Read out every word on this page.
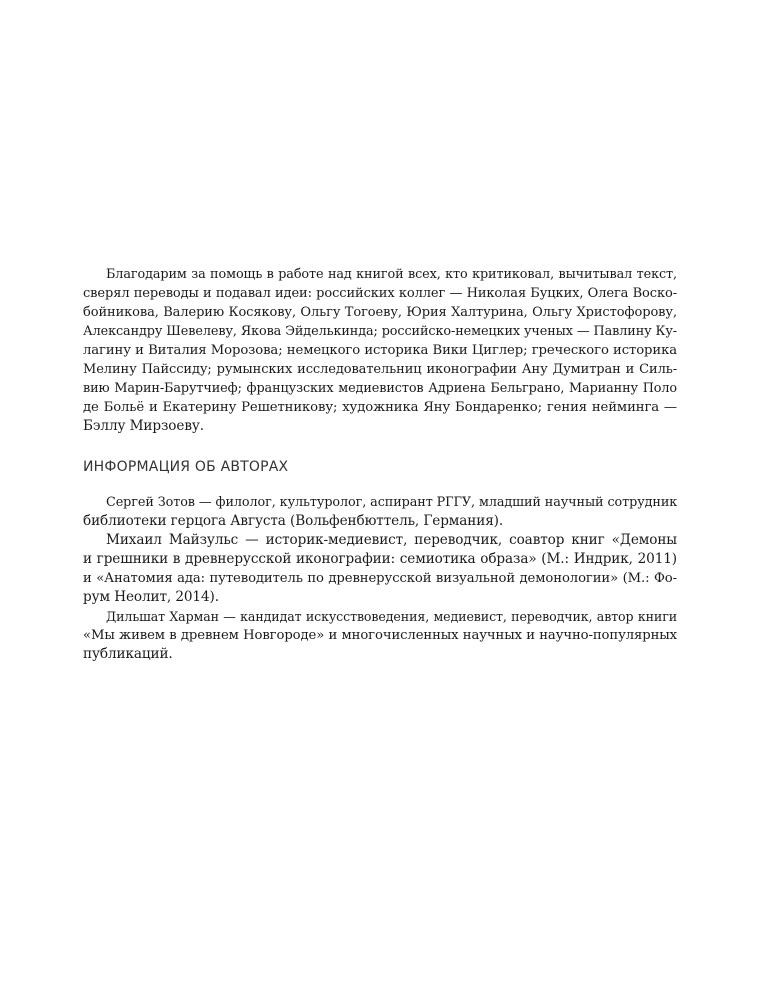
Благодарим за помощь в работе над книгой всех, кто критиковал, вычитывал текст,
сверял переводы и подавал идеи: российских коллег — Николая Буцких, Олега Воско-
бойникова, Валерию Косякову, Ольгу Тогоеву, Юрия Халтурина, Ольгу Христофорову,
Александру Шевелеву, Якова Эйделькинда; российско-немецких ученых — Павлину Ку-
лагину и Виталия Морозова; немецкого историка Вики Циглер; греческого историка
Мелину Пайссиду; румынских исследовательниц иконографии Ану Думитран и Силь-
вию Марин-Барутчиеф; французских медиевистов Адриена Бельграно, Марианну Поло
де Больё и Екатерину Решетникову; художника Яну Бондаренко; гения нейминга —
Бэллу Мирзоеву.
ИНФОРМАЦИЯ ОБ АВТОРАХ
Сергей Зотов — филолог, культуролог, аспирант РГГУ, младший научный сотрудник
библиотеки герцога Августа (Вольфенбюттель, Германия).
Михаил Майзульс — историк-медиевист, переводчик, соавтор книг «Демоны
и грешники в древнерусской иконографии: семиотика образа» (М.: Индрик, 2011)
и «Анатомия ада: путеводитель по древнерусской визуальной демонологии» (М.: Фо-
рум Неолит, 2014).
Дильшат Харман — кандидат искусствоведения, медиевист, переводчик, автор книги
«Мы живем в древнем Новгороде» и многочисленных научных и научно-популярных
публикаций.
